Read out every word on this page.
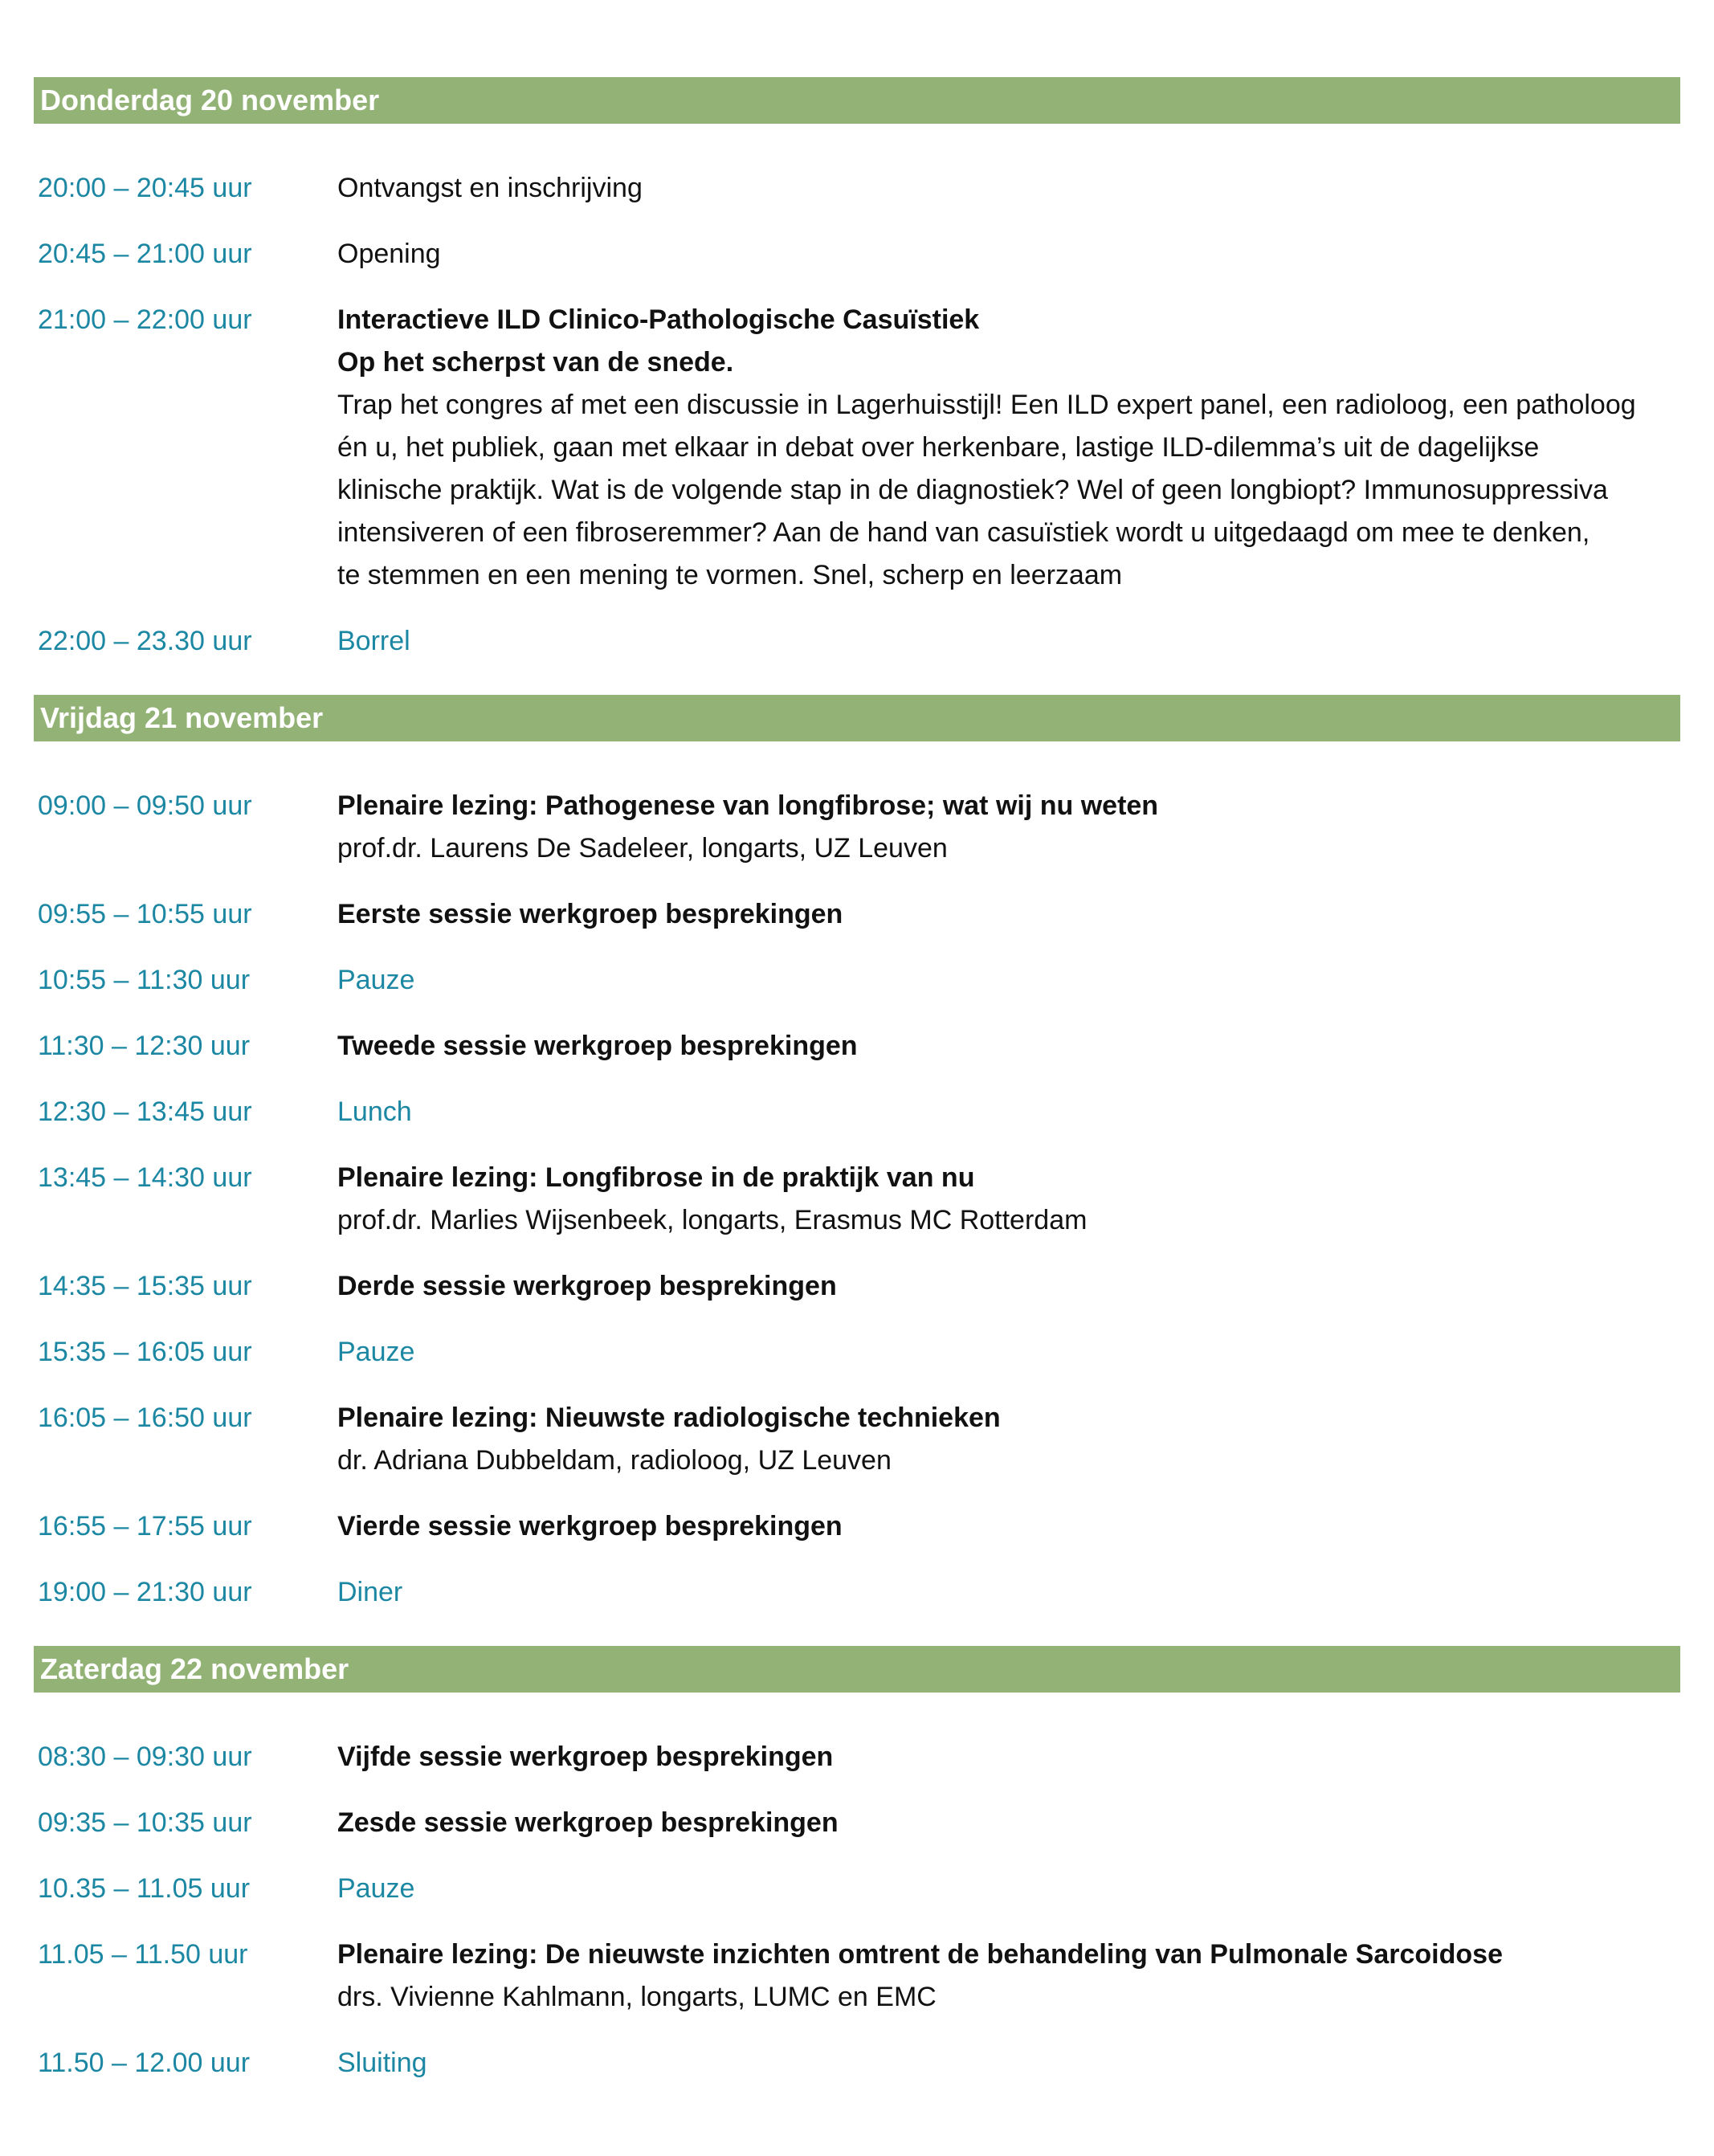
Donderdag 20 november
20:00 – 20:45 uur	Ontvangst en inschrijving
20:45 – 21:00 uur	Opening
21:00 – 22:00 uur	Interactieve ILD Clinico-Pathologische Casuïstiek
Op het scherpst van de snede.
Trap het congres af met een discussie in Lagerhuisstijl! Een ILD expert panel, een radioloog, een patholoog
én u, het publiek, gaan met elkaar in debat over herkenbare, lastige ILD-dilemma’s uit de dagelijkse
klinische praktijk. Wat is de volgende stap in de diagnostiek? Wel of geen longbiopt? Immunosuppressiva
intensiveren of een fibroseremmer? Aan de hand van casuïstiek wordt u uitgedaagd om mee te denken,
te stemmen en een mening te vormen. Snel, scherp en leerzaam
22:00 – 23.30 uur	Borrel
Vrijdag 21 november
09:00 – 09:50 uur	Plenaire lezing: Pathogenese van longfibrose; wat wij nu weten
prof.dr. Laurens De Sadeleer, longarts, UZ Leuven
09:55 – 10:55 uur	Eerste sessie werkgroep besprekingen
10:55 – 11:30 uur	Pauze
11:30 – 12:30 uur	Tweede sessie werkgroep besprekingen
12:30 – 13:45 uur	Lunch
13:45 – 14:30 uur	Plenaire lezing: Longfibrose in de praktijk van nu
prof.dr. Marlies Wijsenbeek, longarts, Erasmus MC Rotterdam
14:35 – 15:35 uur	Derde sessie werkgroep besprekingen
15:35 – 16:05 uur	Pauze
16:05 – 16:50 uur	Plenaire lezing: Nieuwste radiologische technieken
dr. Adriana Dubbeldam, radioloog, UZ Leuven
16:55 – 17:55 uur	Vierde sessie werkgroep besprekingen
19:00 – 21:30 uur	Diner
Zaterdag 22 november
08:30 – 09:30 uur	Vijfde sessie werkgroep besprekingen
09:35 – 10:35 uur	Zesde sessie werkgroep besprekingen
10.35 – 11.05 uur	Pauze
11.05 – 11.50 uur	Plenaire lezing: De nieuwste inzichten omtrent de behandeling van Pulmonale Sarcoidose
drs. Vivienne Kahlmann, longarts, LUMC en EMC
11.50 – 12.00 uur	Sluiting
